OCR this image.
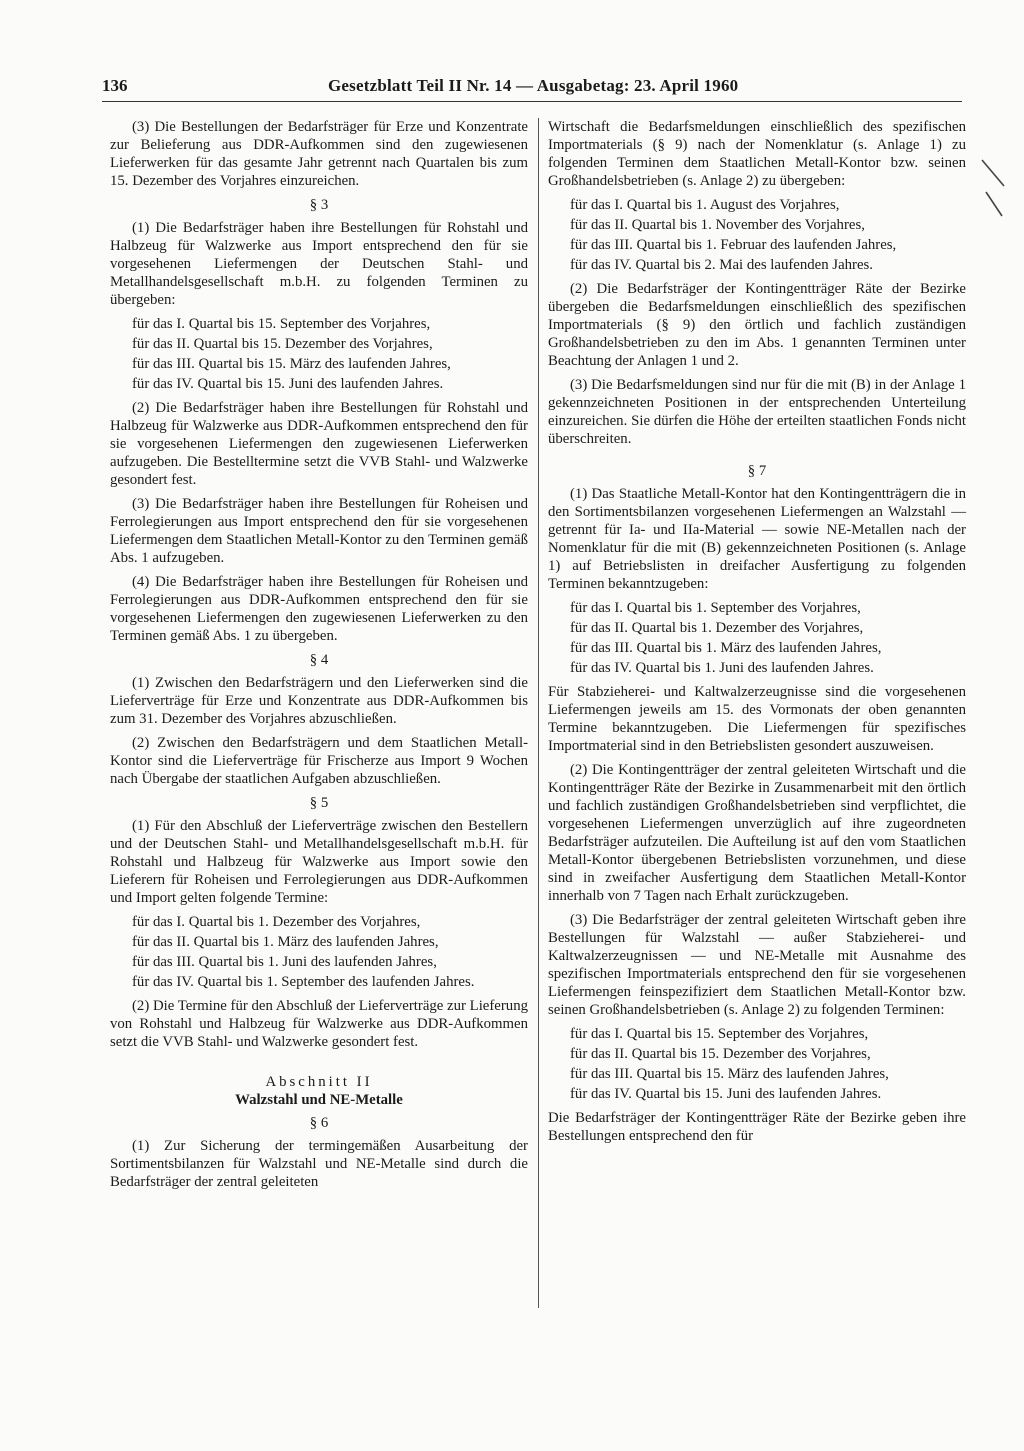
136	Gesetzblatt Teil II Nr. 14 — Ausgabetag: 23. April 1960

(3) Die Bestellungen der Bedarfsträger für Erze und Konzentrate zur Belieferung aus DDR-Aufkommen sind den zugewiesenen Lieferwerken für das gesamte Jahr getrennt nach Quartalen bis zum 15. Dezember des Vorjahres einzureichen.

§ 3

(1) Die Bedarfsträger haben ihre Bestellungen für Rohstahl und Halbzeug für Walzwerke aus Import entsprechend den für sie vorgesehenen Liefermengen der Deutschen Stahl- und Metallhandelsgesellschaft m.b.H. zu folgenden Terminen zu übergeben:

für das I. Quartal bis 15. September des Vorjahres,
für das II. Quartal bis 15. Dezember des Vorjahres,
für das III. Quartal bis 15. März des laufenden Jahres,
für das IV. Quartal bis 15. Juni des laufenden Jahres.

(2) Die Bedarfsträger haben ihre Bestellungen für Rohstahl und Halbzeug für Walzwerke aus DDR-Aufkommen entsprechend den für sie vorgesehenen Liefermengen den zugewiesenen Lieferwerken aufzugeben. Die Bestelltermine setzt die VVB Stahl- und Walzwerke gesondert fest.

(3) Die Bedarfsträger haben ihre Bestellungen für Roheisen und Ferrolegierungen aus Import entsprechend den für sie vorgesehenen Liefermengen dem Staatlichen Metall-Kontor zu den Terminen gemäß Abs. 1 aufzugeben.

(4) Die Bedarfsträger haben ihre Bestellungen für Roheisen und Ferrolegierungen aus DDR-Aufkommen entsprechend den für sie vorgesehenen Liefermengen den zugewiesenen Lieferwerken zu den Terminen gemäß Abs. 1 zu übergeben.

§ 4

(1) Zwischen den Bedarfsträgern und den Lieferwerken sind die Lieferverträge für Erze und Konzentrate aus DDR-Aufkommen bis zum 31. Dezember des Vorjahres abzuschließen.

(2) Zwischen den Bedarfsträgern und dem Staatlichen Metall-Kontor sind die Lieferverträge für Frischerze aus Import 9 Wochen nach Übergabe der staatlichen Aufgaben abzuschließen.

§ 5

(1) Für den Abschluß der Lieferverträge zwischen den Bestellern und der Deutschen Stahl- und Metallhandelsgesellschaft m.b.H. für Rohstahl und Halbzeug für Walzwerke aus Import sowie den Lieferern für Roheisen und Ferrolegierungen aus DDR-Aufkommen und Import gelten folgende Termine:

für das I. Quartal bis 1. Dezember des Vorjahres,
für das II. Quartal bis 1. März des laufenden Jahres,
für das III. Quartal bis 1. Juni des laufenden Jahres,
für das IV. Quartal bis 1. September des laufenden Jahres.

(2) Die Termine für den Abschluß der Lieferverträge zur Lieferung von Rohstahl und Halbzeug für Walzwerke aus DDR-Aufkommen setzt die VVB Stahl- und Walzwerke gesondert fest.

Abschnitt II
Walzstahl und NE-Metalle
§ 6

(1) Zur Sicherung der termingemäßen Ausarbeitung der Sortimentsbilanzen für Walzstahl und NE-Metalle sind durch die Bedarfsträger der zentral geleiteten

Wirtschaft die Bedarfsmeldungen einschließlich des spezifischen Importmaterials (§ 9) nach der Nomenklatur (s. Anlage 1) zu folgenden Terminen dem Staatlichen Metall-Kontor bzw. seinen Großhandelsbetrieben (s. Anlage 2) zu übergeben:

für das I. Quartal bis 1. August des Vorjahres,
für das II. Quartal bis 1. November des Vorjahres,
für das III. Quartal bis 1. Februar des laufenden Jahres,
für das IV. Quartal bis 2. Mai des laufenden Jahres.

(2) Die Bedarfsträger der Kontingentträger Räte der Bezirke übergeben die Bedarfsmeldungen einschließlich des spezifischen Importmaterials (§ 9) den örtlich und fachlich zuständigen Großhandelsbetrieben zu den im Abs. 1 genannten Terminen unter Beachtung der Anlagen 1 und 2.

(3) Die Bedarfsmeldungen sind nur für die mit (B) in der Anlage 1 gekennzeichneten Positionen in der entsprechenden Unterteilung einzureichen. Sie dürfen die Höhe der erteilten staatlichen Fonds nicht überschreiten.

§ 7

(1) Das Staatliche Metall-Kontor hat den Kontingentträgern die in den Sortimentsbilanzen vorgesehenen Liefermengen an Walzstahl — getrennt für Ia- und IIa-Material — sowie NE-Metallen nach der Nomenklatur für die mit (B) gekennzeichneten Positionen (s. Anlage 1) auf Betriebslisten in dreifacher Ausfertigung zu folgenden Terminen bekanntzugeben:

für das I. Quartal bis 1. September des Vorjahres,
für das II. Quartal bis 1. Dezember des Vorjahres,
für das III. Quartal bis 1. März des laufenden Jahres,
für das IV. Quartal bis 1. Juni des laufenden Jahres.

Für Stabzieherei- und Kaltwalzerzeugnisse sind die vorgesehenen Liefermengen jeweils am 15. des Vormonats der oben genannten Termine bekanntzugeben. Die Liefermengen für spezifisches Importmaterial sind in den Betriebslisten gesondert auszuweisen.

(2) Die Kontingentträger der zentral geleiteten Wirtschaft und die Kontingentträger Räte der Bezirke in Zusammenarbeit mit den örtlich und fachlich zuständigen Großhandelsbetrieben sind verpflichtet, die vorgesehenen Liefermengen unverzüglich auf ihre zugeordneten Bedarfsträger aufzuteilen. Die Aufteilung ist auf den vom Staatlichen Metall-Kontor übergebenen Betriebslisten vorzunehmen, und diese sind in zweifacher Ausfertigung dem Staatlichen Metall-Kontor innerhalb von 7 Tagen nach Erhalt zurückzugeben.

(3) Die Bedarfsträger der zentral geleiteten Wirtschaft geben ihre Bestellungen für Walzstahl — außer Stabzieherei- und Kaltwalzerzeugnissen — und NE-Metalle mit Ausnahme des spezifischen Importmaterials entsprechend den für sie vorgesehenen Liefermengen feinspezifiziert dem Staatlichen Metall-Kontor bzw. seinen Großhandelsbetrieben (s. Anlage 2) zu folgenden Terminen:

für das I. Quartal bis 15. September des Vorjahres,
für das II. Quartal bis 15. Dezember des Vorjahres,
für das III. Quartal bis 15. März des laufenden Jahres,
für das IV. Quartal bis 15. Juni des laufenden Jahres.

Die Bedarfsträger der Kontingentträger Räte der Bezirke geben ihre Bestellungen entsprechend den für
